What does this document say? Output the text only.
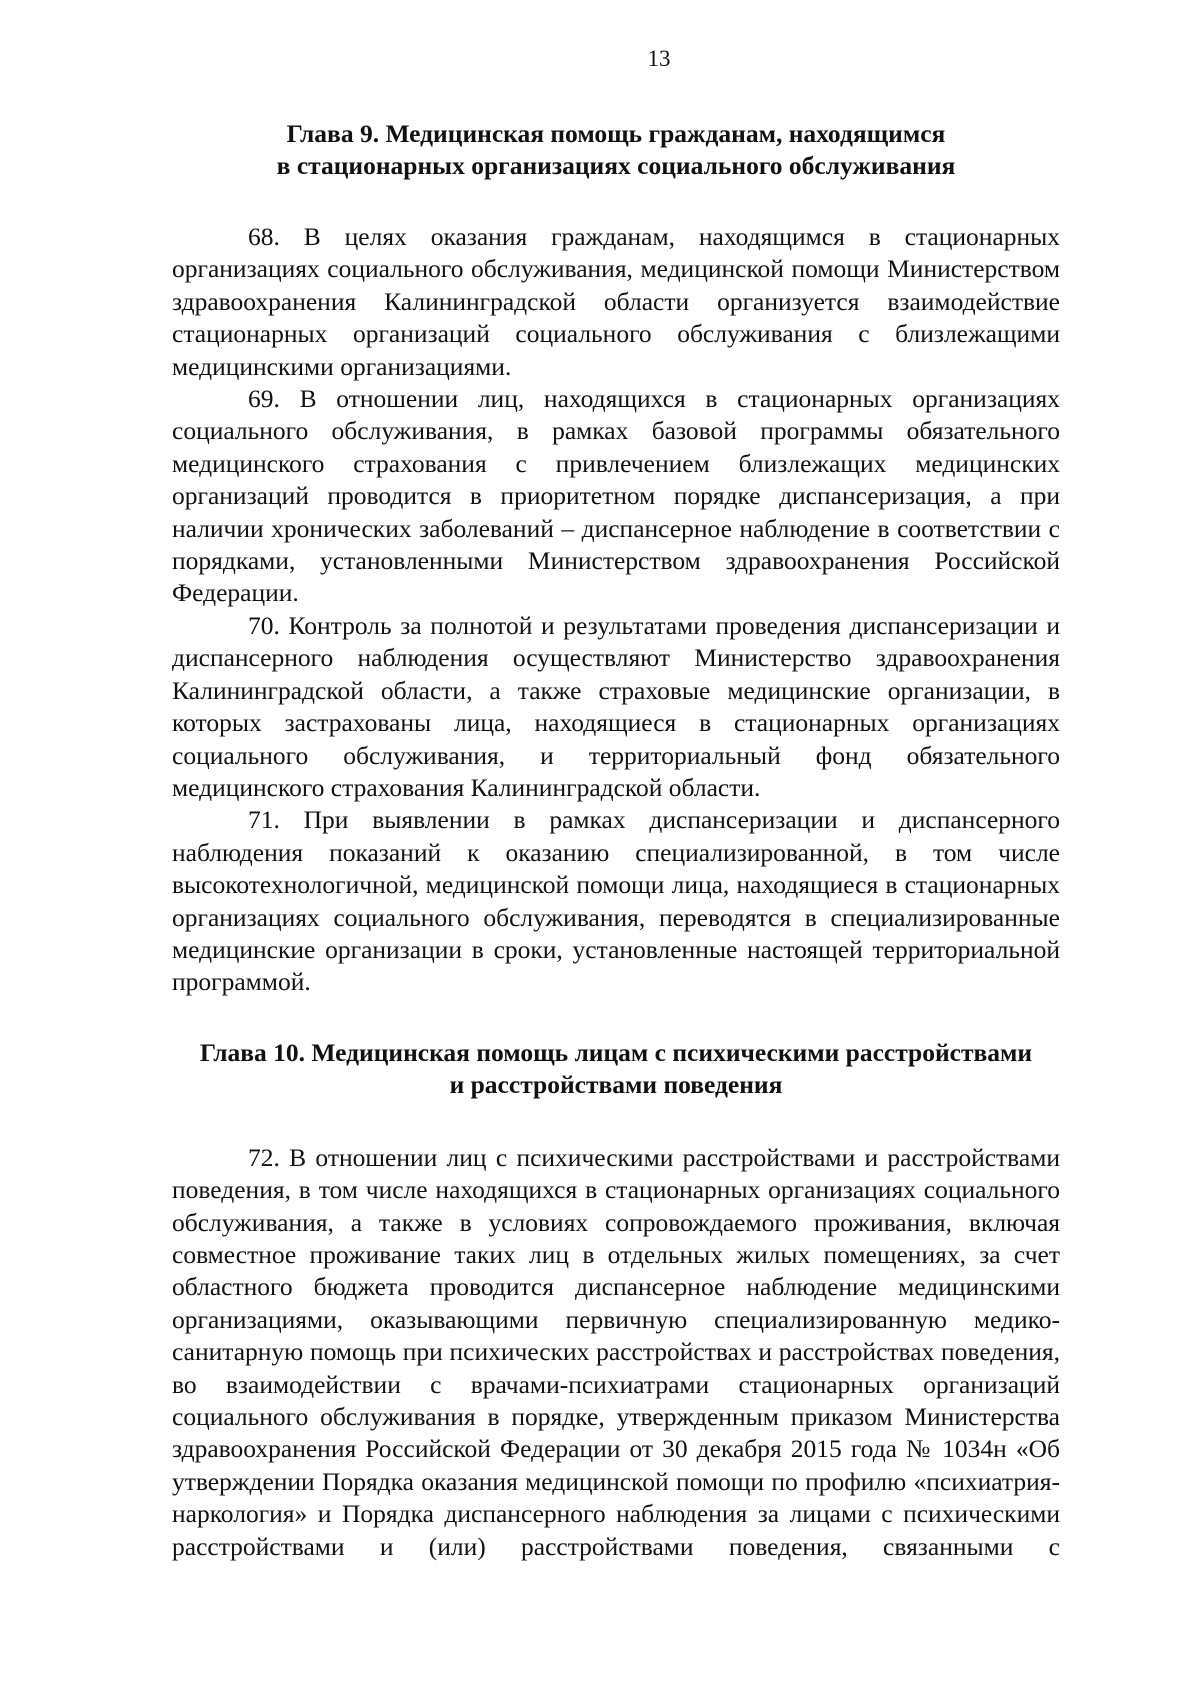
13
Глава 9. Медицинская помощь гражданам, находящимся
в стационарных организациях социального обслуживания

68. В целях оказания гражданам, находящимся в стационарных организациях социального обслуживания, медицинской помощи Министерством здравоохранения Калининградской области организуется взаимодействие стационарных организаций социального обслуживания с близлежащими медицинскими организациями.

69. В отношении лиц, находящихся в стационарных организациях социального обслуживания, в рамках базовой программы обязательного медицинского страхования с привлечением близлежащих медицинских организаций проводится в приоритетном порядке диспансеризация, а при наличии хронических заболеваний – диспансерное наблюдение в соответствии с порядками, установленными Министерством здравоохранения Российской Федерации.

70. Контроль за полнотой и результатами проведения диспансеризации и диспансерного наблюдения осуществляют Министерство здравоохранения Калининградской области, а также страховые медицинские организации, в которых застрахованы лица, находящиеся в стационарных организациях социального обслуживания, и территориальный фонд обязательного медицинского страхования Калининградской области.

71. При выявлении в рамках диспансеризации и диспансерного наблюдения показаний к оказанию специализированной, в том числе высокотехнологичной, медицинской помощи лица, находящиеся в стационарных организациях социального обслуживания, переводятся в специализированные медицинские организации в сроки, установленные настоящей территориальной программой.

Глава 10. Медицинская помощь лицам с психическими расстройствами
и расстройствами поведения

72. В отношении лиц с психическими расстройствами и расстройствами поведения, в том числе находящихся в стационарных организациях социального обслуживания, а также в условиях сопровождаемого проживания, включая совместное проживание таких лиц в отдельных жилых помещениях, за счет областного бюджета проводится диспансерное наблюдение медицинскими организациями, оказывающими первичную специализированную медико-санитарную помощь при психических расстройствах и расстройствах поведения, во взаимодействии с врачами-психиатрами стационарных организаций социального обслуживания в порядке, утвержденным приказом Министерства здравоохранения Российской Федерации от 30 декабря 2015 года № 1034н «Об утверждении Порядка оказания медицинской помощи по профилю «психиатрия-наркология» и Порядка диспансерного наблюдения за лицами с психическими расстройствами и (или) расстройствами поведения, связанными с
